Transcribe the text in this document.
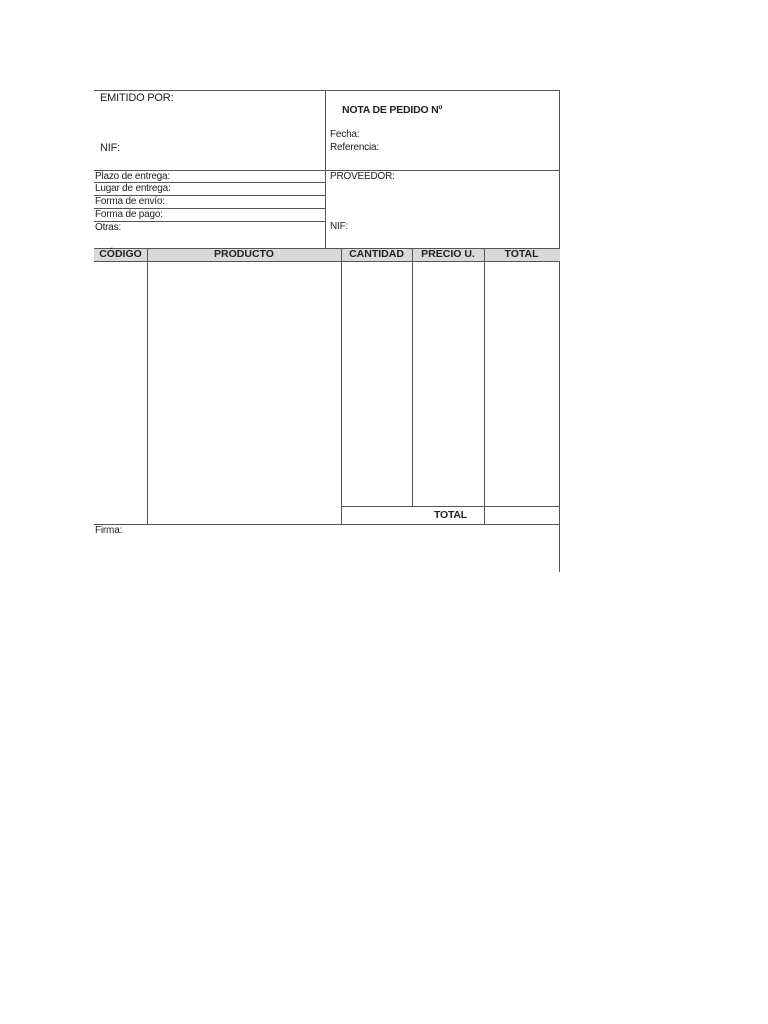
EMITIDO POR:
NIF:
NOTA DE PEDIDO Nº
Fecha:
Referencia:
Plazo de entrega:
Lugar de entrega:
Forma de envío:
Forma de pago:
Otras:
PROVEEDOR:
NIF:
CÓDIGO	PRODUCTO	CANTIDAD	PRECIO U.	TOTAL
TOTAL
Firma:
